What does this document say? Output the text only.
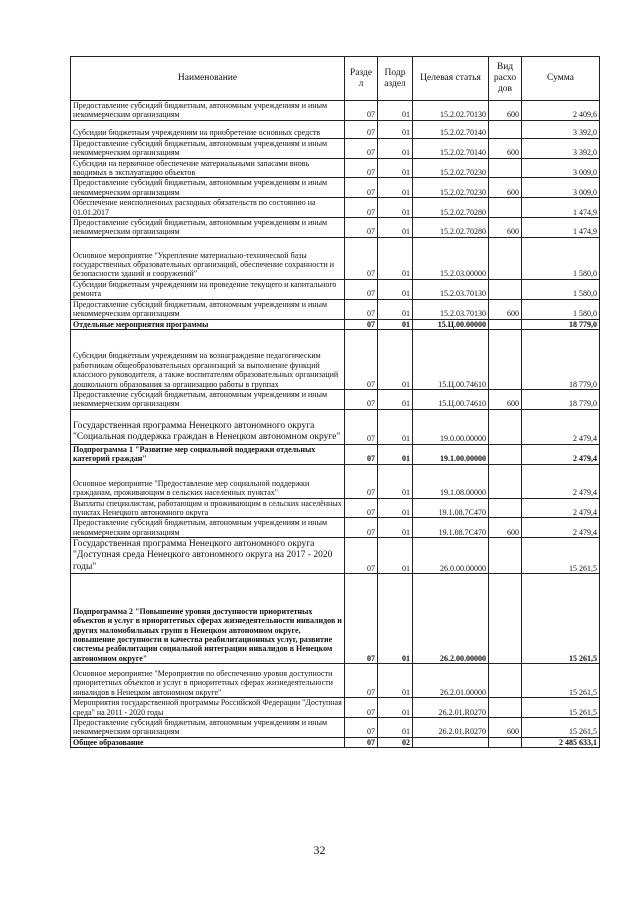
Наименование	Разде л	Подр аздел	Целевая статья	Вид расхо дов	Сумма
Предоставление субсидий бюджетным, автономным учреждениям и иным некоммерческим организациям	07	01	15.2.02.70130	600	2 409,6
Субсидии бюджетным учреждениям на приобретение основных средств	07	01	15.2.02.70140		3 392,0
Предоставление субсидий бюджетным, автономным учреждениям и иным некоммерческим организациям	07	01	15.2.02.70140	600	3 392,0
Субсидии на первичное обеспечение материальными запасами вновь вводимых в эксплуатацию объектов	07	01	15.2.02.70230		3 009,0
Предоставление субсидий бюджетным, автономным учреждениям и иным некоммерческим организациям	07	01	15.2.02.70230	600	3 009,0
Обеспечение неисполненных расходных обязательств по состоянию на 01.01.2017	07	01	15.2.02.70280		1 474,9
Предоставление субсидий бюджетным, автономным учреждениям и иным некоммерческим организациям	07	01	15.2.02.70280	600	1 474,9
Основное мероприятие "Укрепление материально-технической базы государственных образовательных организаций, обеспечение сохранности и безопасности зданий и сооружений"	07	01	15.2.03.00000		1 580,0
Субсидии бюджетным учреждениям на проведение текущего и капитального ремонта	07	01	15.2.03.70130		1 580,0
Предоставление субсидий бюджетным, автономным учреждениям и иным некоммерческим организациям	07	01	15.2.03.70130	600	1 580,0
Отдельные мероприятия программы	07	01	15.Ц.00.00000		18 779,0
Субсидии бюджетным учреждениям на вознаграждение педагогическим работникам общеобразовательных организаций за выполнение функций классного руководителя, а также воспитателям образовательных организаций дошкольного образования за организацию работы в группах	07	01	15.Ц.00.74610		18 779,0
Предоставление субсидий бюджетным, автономным учреждениям и иным некоммерческим организациям	07	01	15.Ц.00.74610	600	18 779,0
Государственная программа Ненецкого автономного округа "Социальная поддержка граждан в Ненецком автономном округе"	07	01	19.0.00.00000		2 479,4
Подпрограмма 1 "Развитие мер социальной поддержки отдельных категорий граждан"	07	01	19.1.00.00000		2 479,4
Основное мероприятие "Предоставление мер социальной поддержки гражданам, проживающим в сельских населенных пунктах"	07	01	19.1.08.00000		2 479,4
Выплаты специалистам, работающим и проживающим в сельских населённых пунктах Ненецкого автономного округа	07	01	19.1.08.7C470		2 479,4
Предоставление субсидий бюджетным, автономным учреждениям и иным некоммерческим организациям	07	01	19.1.08.7C470	600	2 479,4
Государственная программа Ненецкого автономного округа "Доступная среда Ненецкого автономного округа на 2017 - 2020 годы"	07	01	26.0.00.00000		15 261,5
Подпрограмма 2 "Повышение уровня доступности приоритетных объектов и услуг в приоритетных сферах жизнедеятельности инвалидов и других маломобильных групп в Ненецком автономном округе, повышение доступности и качества реабилитационных услуг, развитие системы реабилитации социальной интеграции инвалидов в Ненецком автономном округе"	07	01	26.2.00.00000		15 261,5
Основное мероприятие "Мероприятия по обеспечению уровня доступности приоритетных объектов и услуг в приоритетных сферах жизнедеятельности инвалидов в Ненецком автономном округе"	07	01	26.2.01.00000		15 261,5
Мероприятия государственной программы Российской Федерации "Доступная среда" на 2011 - 2020 годы	07	01	26.2.01.R0270		15 261,5
Предоставление субсидий бюджетным, автономным учреждениям и иным некоммерческим организациям	07	01	26.2.01.R0270	600	15 261,5
Общее образование	07	02			2 485 633,1
32
